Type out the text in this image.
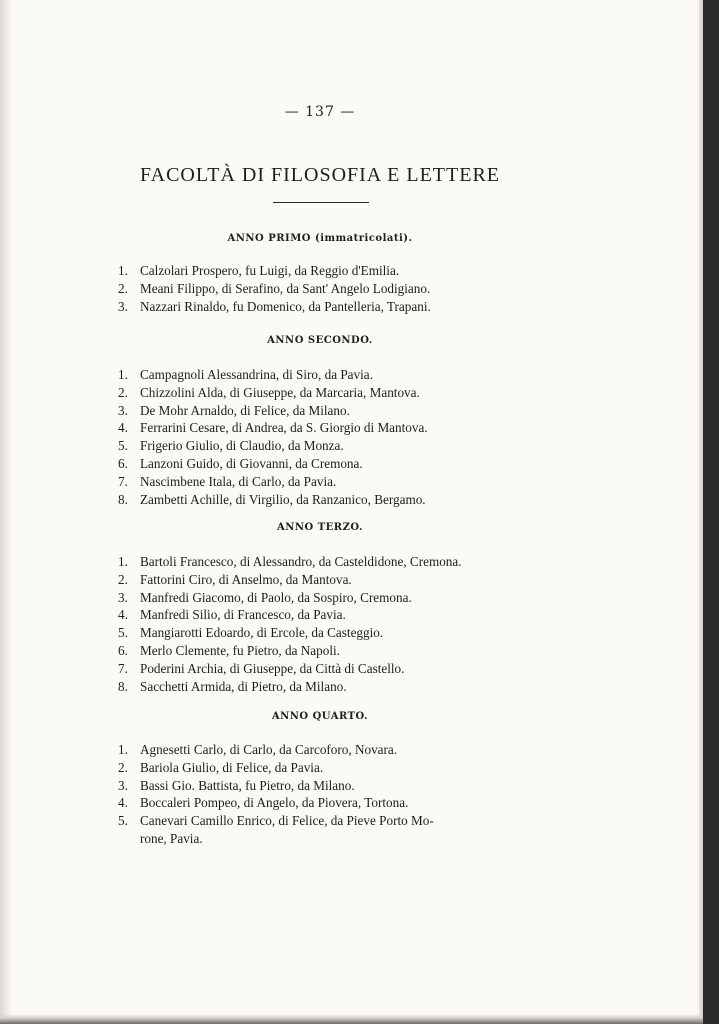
— 137 —
FACOLTÀ DI FILOSOFIA E LETTERE
ANNO PRIMO (immatricolati).
1. Calzolari Prospero, fu Luigi, da Reggio d'Emilia.
2. Meani Filippo, di Serafino, da Sant' Angelo Lodigiano.
3. Nazzari Rinaldo, fu Domenico, da Pantelleria, Trapani.
ANNO SECONDO.
1. Campagnoli Alessandrina, di Siro, da Pavia.
2. Chizzolini Alda, di Giuseppe, da Marcaria, Mantova.
3. De Mohr Arnaldo, di Felice, da Milano.
4. Ferrarini Cesare, di Andrea, da S. Giorgio di Mantova.
5. Frigerio Giulio, di Claudio, da Monza.
6. Lanzoni Guido, di Giovanni, da Cremona.
7. Nascimbene Itala, di Carlo, da Pavia.
8. Zambetti Achille, di Virgilio, da Ranzanico, Bergamo.
ANNO TERZO.
1. Bartoli Francesco, di Alessandro, da Casteldidone, Cremona.
2. Fattorini Ciro, di Anselmo, da Mantova.
3. Manfredi Giacomo, di Paolo, da Sospiro, Cremona.
4. Manfredi Silio, di Francesco, da Pavia.
5. Mangiarotti Edoardo, di Ercole, da Casteggio.
6. Merlo Clemente, fu Pietro, da Napoli.
7. Poderini Archia, di Giuseppe, da Città di Castello.
8. Sacchetti Armida, di Pietro, da Milano.
ANNO QUARTO.
1. Agnesetti Carlo, di Carlo, da Carcoforo, Novara.
2. Bariola Giulio, di Felice, da Pavia.
3. Bassi Gio. Battista, fu Pietro, da Milano.
4. Boccaleri Pompeo, di Angelo, da Piovera, Tortona.
5. Canevari Camillo Enrico, di Felice, da Pieve Porto Mo-
rone, Pavia.
